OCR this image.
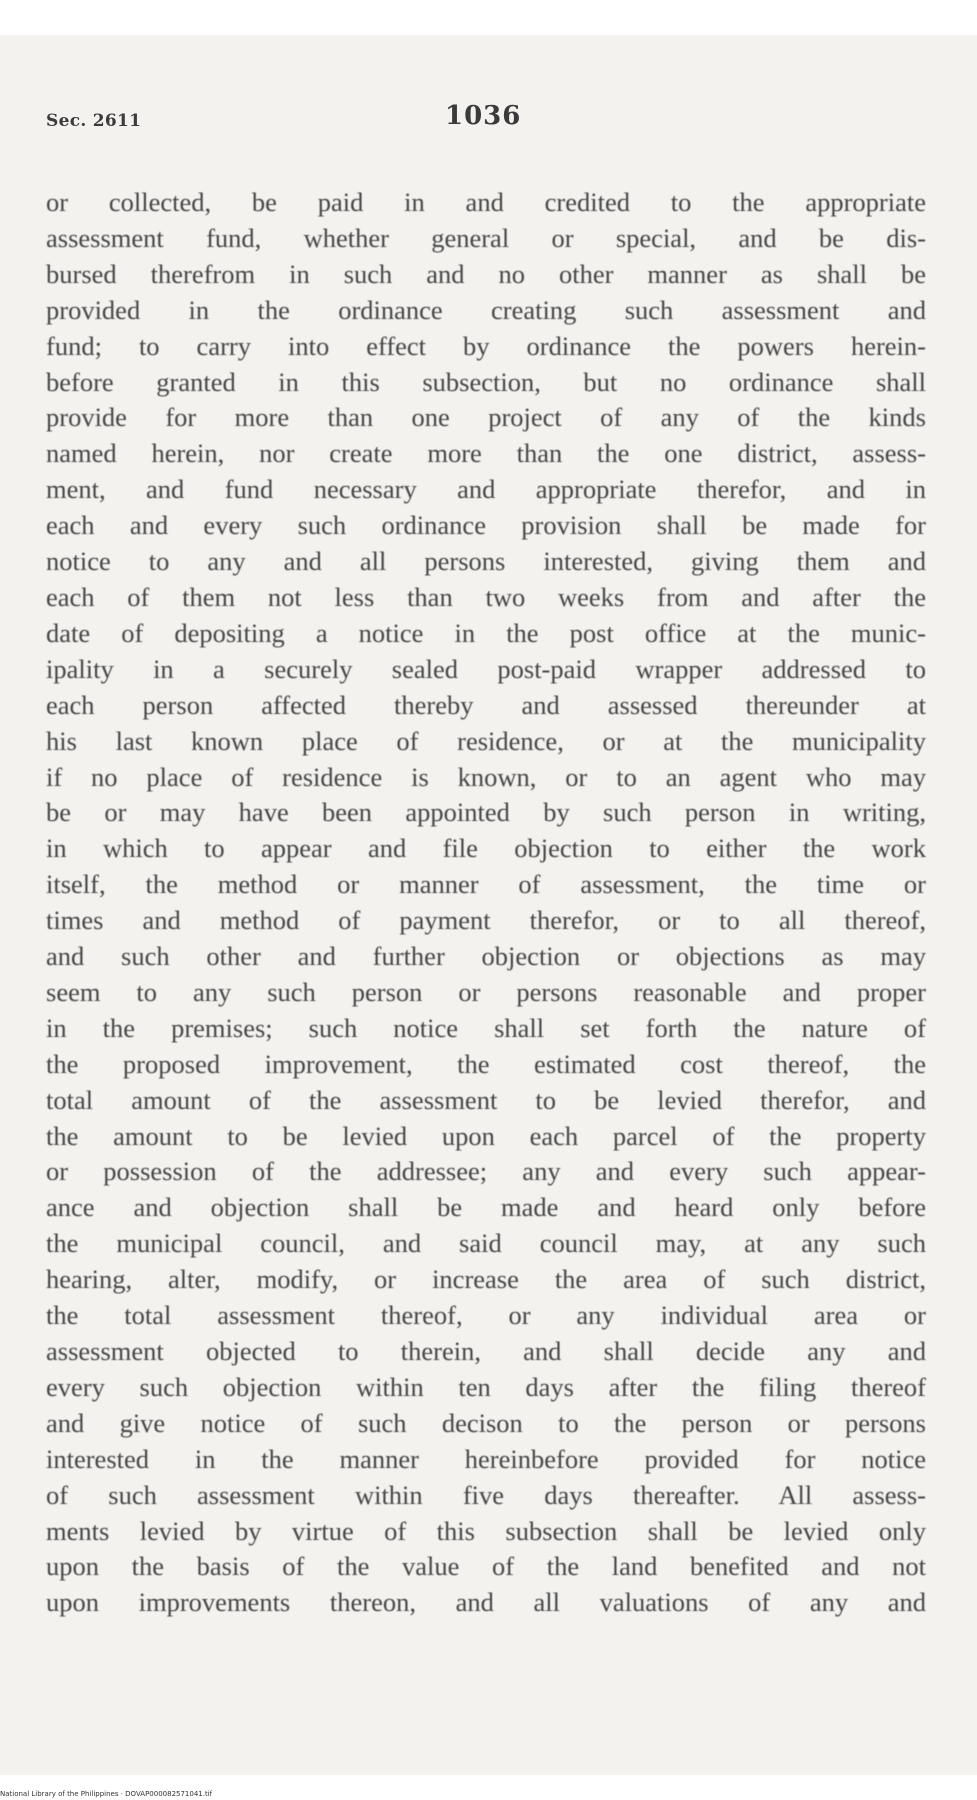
Sec. 2611	1036
or collected, be paid in and credited to the appropriate
assessment fund, whether general or special, and be dis-
bursed therefrom in such and no other manner as shall be
provided in the ordinance creating such assessment and
fund; to carry into effect by ordinance the powers herein-
before granted in this subsection, but no ordinance shall
provide for more than one project of any of the kinds
named herein, nor create more than the one district, assess-
ment, and fund necessary and appropriate therefor, and in
each and every such ordinance provision shall be made for
notice to any and all persons interested, giving them and
each of them not less than two weeks from and after the
date of depositing a notice in the post office at the munic-
ipality in a securely sealed post-paid wrapper addressed to
each person affected thereby and assessed thereunder at
his last known place of residence, or at the municipality
if no place of residence is known, or to an agent who may
be or may have been appointed by such person in writing,
in which to appear and file objection to either the work
itself, the method or manner of assessment, the time or
times and method of payment therefor, or to all thereof,
and such other and further objection or objections as may
seem to any such person or persons reasonable and proper
in the premises; such notice shall set forth the nature of
the proposed improvement, the estimated cost thereof, the
total amount of the assessment to be levied therefor, and
the amount to be levied upon each parcel of the property
or possession of the addressee; any and every such appear-
ance and objection shall be made and heard only before
the municipal council, and said council may, at any such
hearing, alter, modify, or increase the area of such district,
the total assessment thereof, or any individual area or
assessment objected to therein, and shall decide any and
every such objection within ten days after the filing thereof
and give notice of such decison to the person or persons
interested in the manner hereinbefore provided for notice
of such assessment within five days thereafter. All assess-
ments levied by virtue of this subsection shall be levied only
upon the basis of the value of the land benefited and not
upon improvements thereon, and all valuations of any and
National Library of the Philippines · DOVAP000082571041.tif
